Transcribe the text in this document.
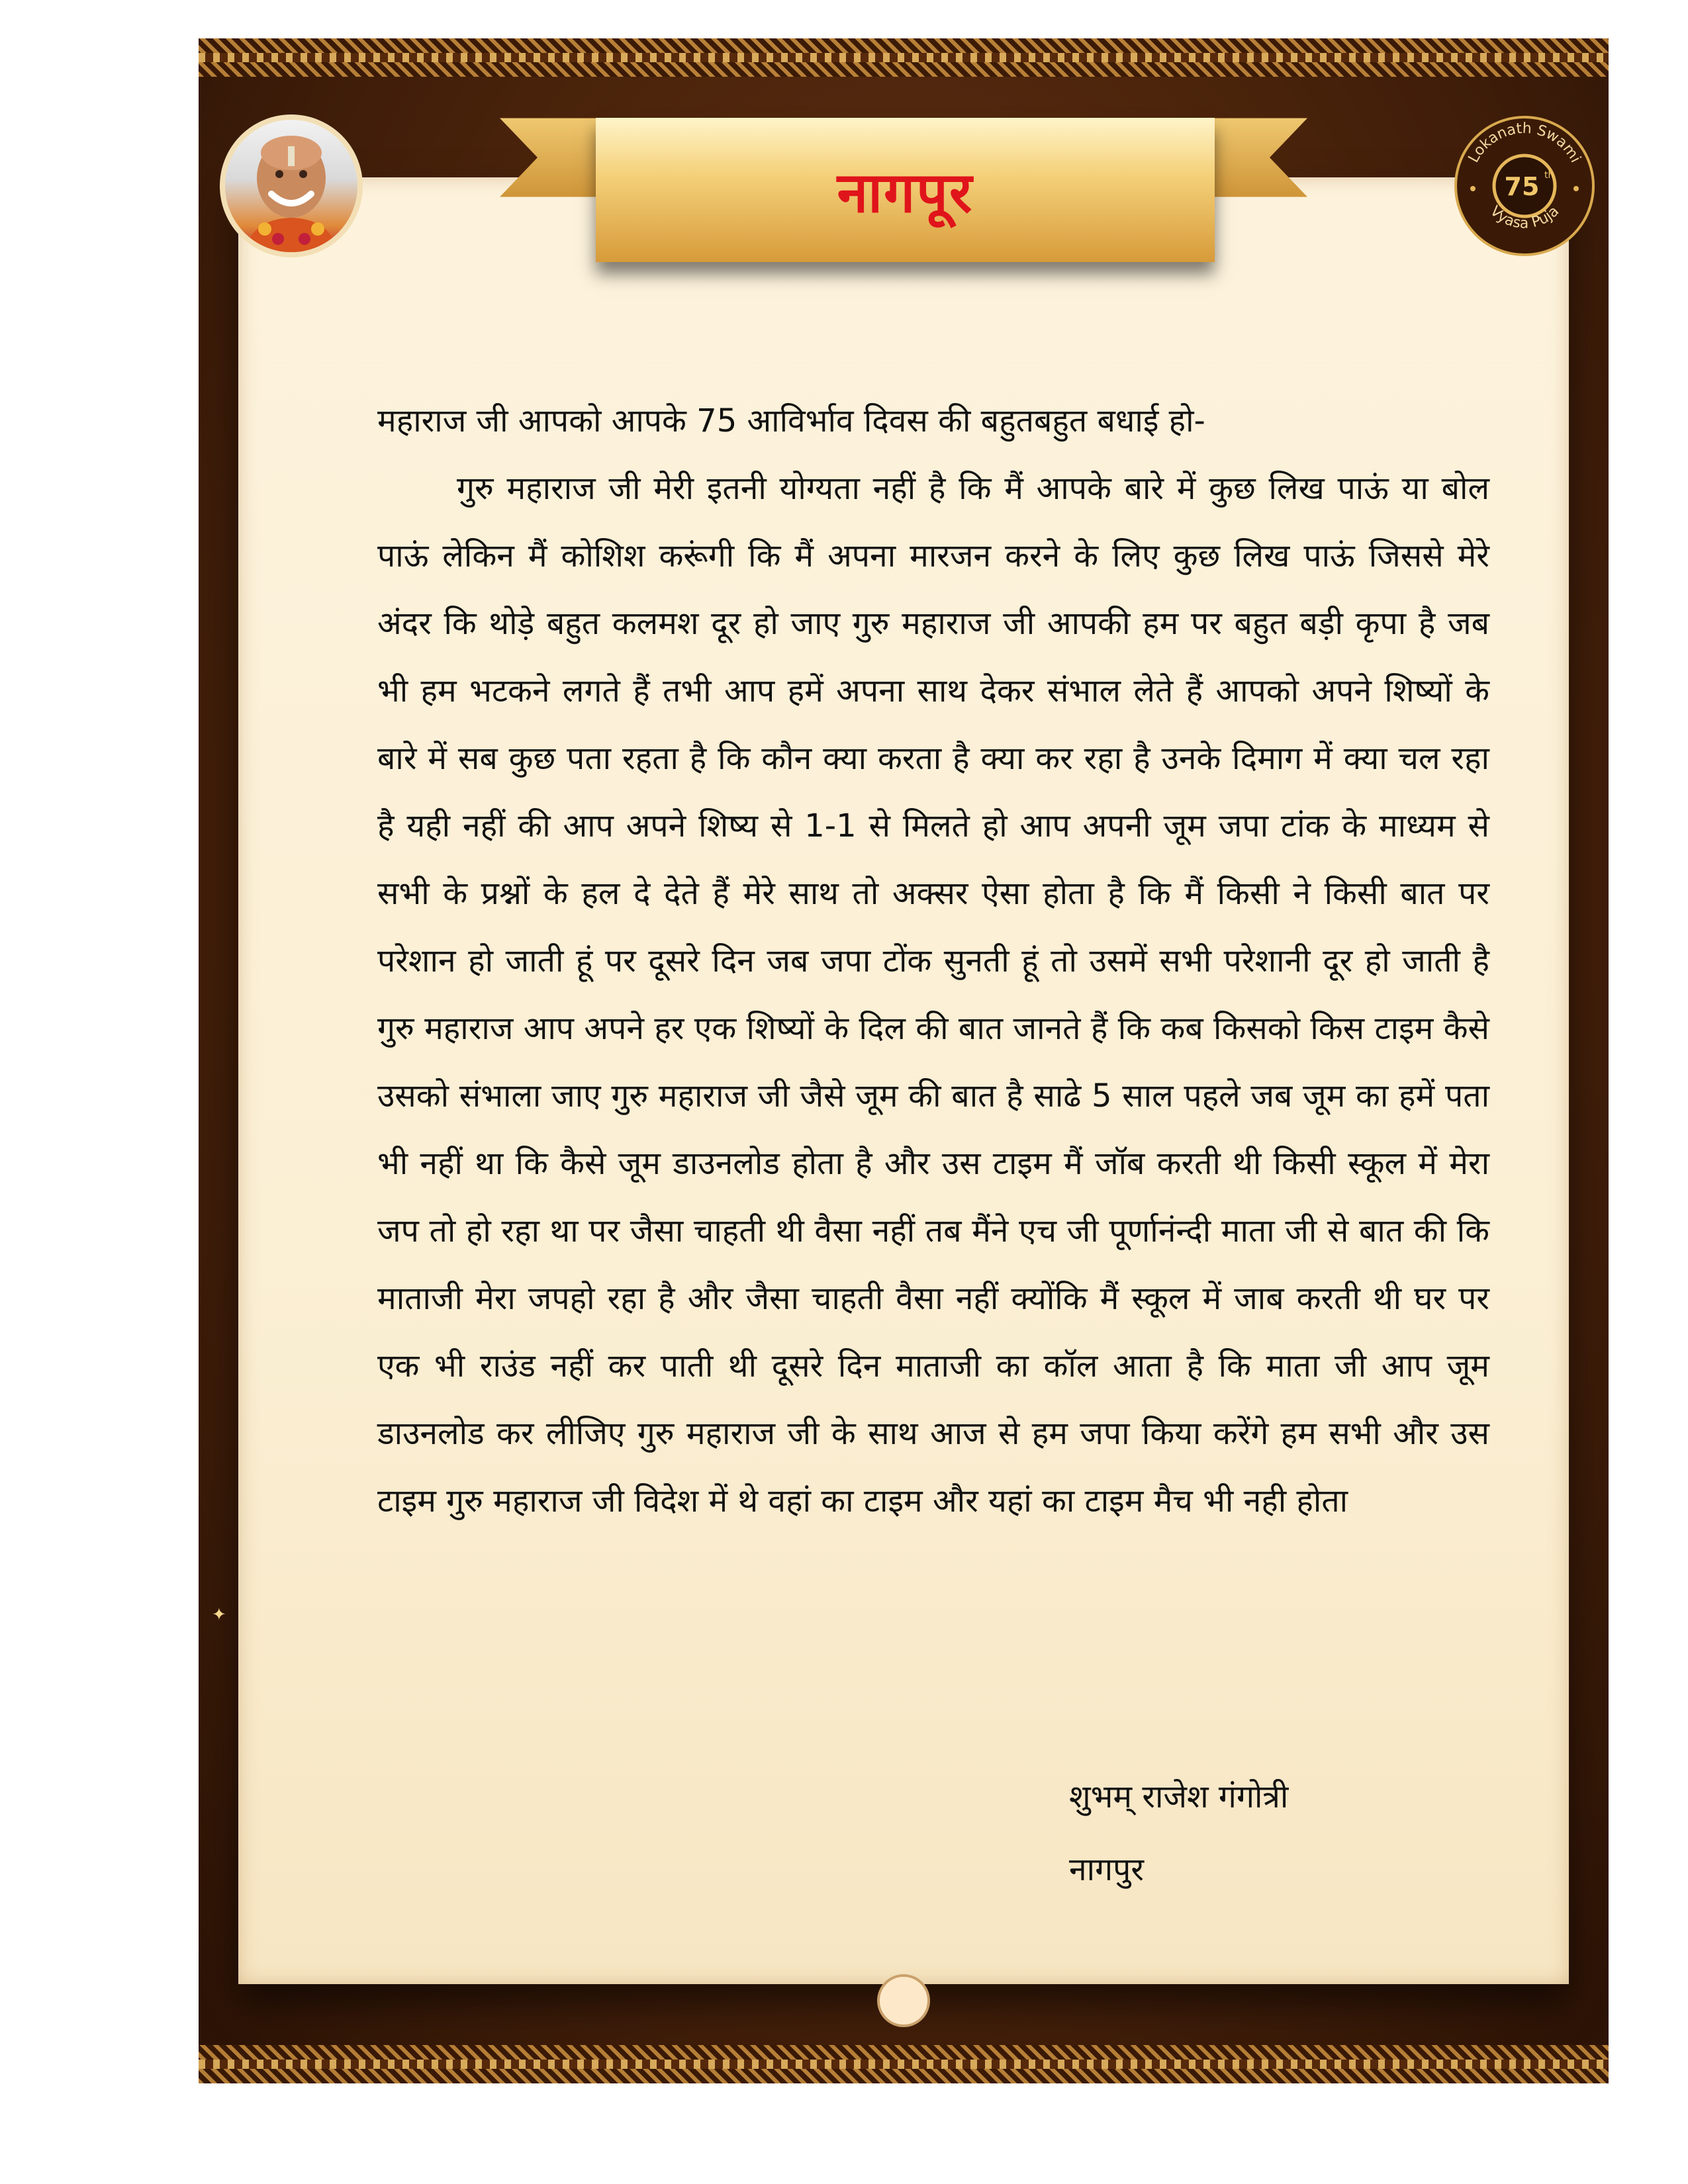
नागपूर
Lokanath Swami
75 th
Vyasa Puja
✦

महाराज जी आपको आपके 75 आविर्भाव दिवस की बहुतबहुत बधाई हो-

गुरु महाराज जी मेरी इतनी योग्यता नहीं है कि मैं आपके बारे में कुछ लिख पाऊं या बोल पाऊं लेकिन मैं कोशिश करूंगी कि मैं अपना मारजन करने के लिए कुछ लिख पाऊं जिससे मेरे अंदर कि थोड़े बहुत कलमश दूर हो जाए गुरु महाराज जी आपकी हम पर बहुत बड़ी कृपा है जब भी हम भटकने लगते हैं तभी आप हमें अपना साथ देकर संभाल लेते हैं आपको अपने शिष्यों के बारे में सब कुछ पता रहता है कि कौन क्या करता है क्या कर रहा है उनके दिमाग में क्या चल रहा है यही नहीं की आप अपने शिष्य से 1-1 से मिलते हो आप अपनी जूम जपा टांक के माध्यम से सभी के प्रश्नों के हल दे देते हैं मेरे साथ तो अक्सर ऐसा होता है कि मैं किसी ने किसी बात पर परेशान हो जाती हूं पर दूसरे दिन जब जपा टोंक सुनती हूं तो उसमें सभी परेशानी दूर हो जाती है गुरु महाराज आप अपने हर एक शिष्यों के दिल की बात जानते हैं कि कब किसको किस टाइम कैसे उसको संभाला जाए गुरु महाराज जी जैसे जूम की बात है साढे 5 साल पहले जब जूम का हमें पता भी नहीं था कि कैसे जूम डाउनलोड होता है और उस टाइम मैं जॉब करती थी किसी स्कूल में मेरा जप तो हो रहा था पर जैसा चाहती थी वैसा नहीं तब मैंने एच जी पूर्णानंन्दी माता जी से बात की कि माताजी मेरा जपहो रहा है और जैसा चाहती वैसा नहीं क्योंकि मैं स्कूल में जाब करती थी घर पर एक भी राउंड नहीं कर पाती थी दूसरे दिन माताजी का कॉल आता है कि माता जी आप जूम डाउनलोड कर लीजिए गुरु महाराज जी के साथ आज से हम जपा किया करेंगे हम सभी और उस टाइम गुरु महाराज जी विदेश में थे वहां का टाइम और यहां का टाइम मैच भी नही होता

शुभम् राजेश गंगोत्री
नागपुर
